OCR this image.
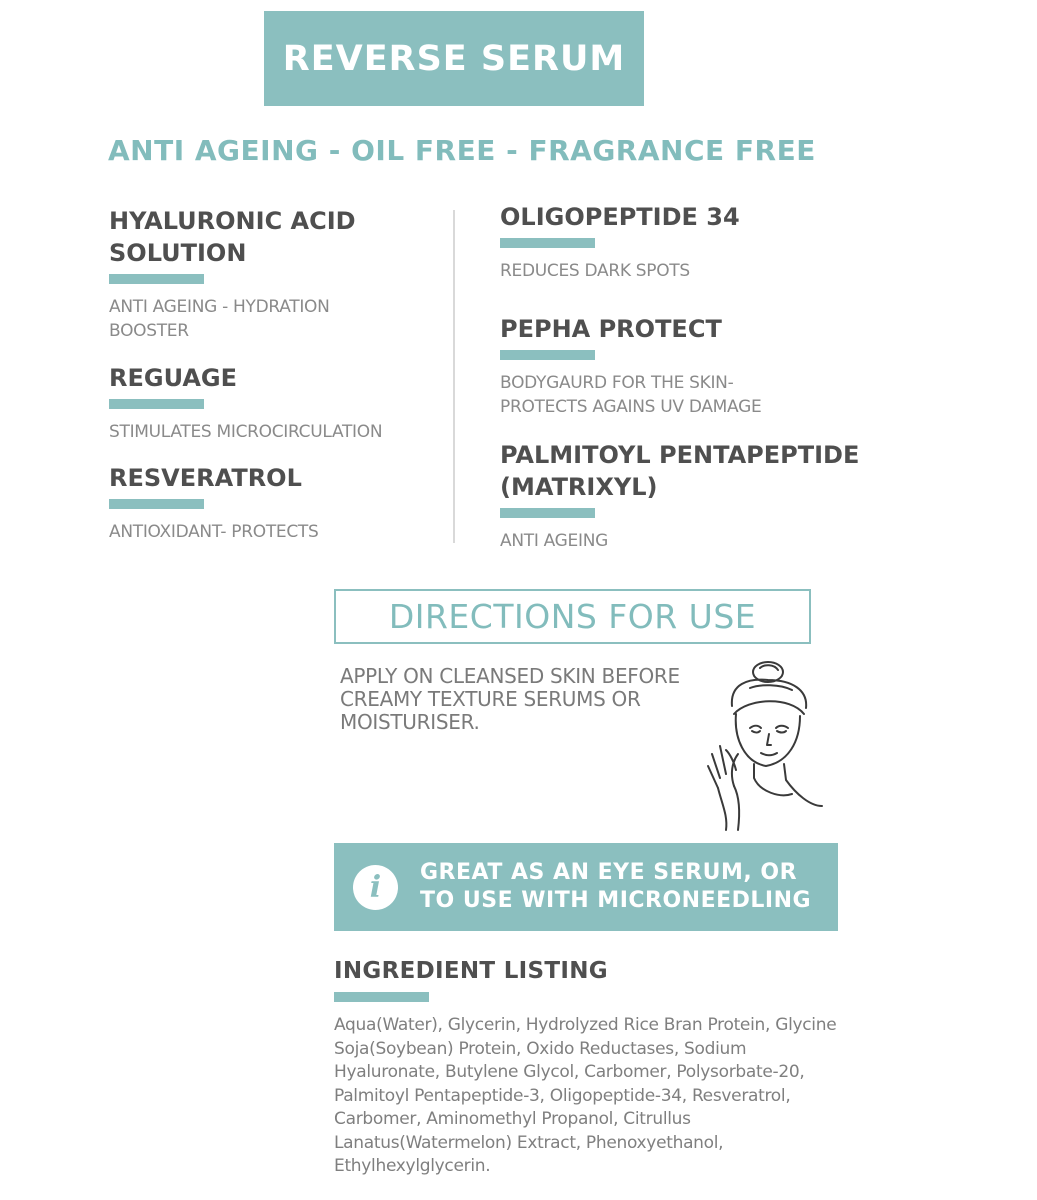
REVERSE SERUM
ANTI AGEING - OIL FREE - FRAGRANCE FREE
HYALURONIC ACID SOLUTION
ANTI AGEING - HYDRATION BOOSTER
REGUAGE
STIMULATES MICROCIRCULATION
RESVERATROL
ANTIOXIDANT- PROTECTS
OLIGOPEPTIDE 34
REDUCES DARK SPOTS
PEPHA PROTECT
BODYGAURD FOR THE SKIN- PROTECTS AGAINS UV DAMAGE
PALMITOYL PENTAPEPTIDE (MATRIXYL)
ANTI AGEING
DIRECTIONS FOR USE
APPLY ON CLEANSED SKIN BEFORE CREAMY TEXTURE SERUMS OR MOISTURISER.
i	GREAT AS AN EYE SERUM, OR TO USE WITH MICRONEEDLING
INGREDIENT LISTING
Aqua(Water), Glycerin, Hydrolyzed Rice Bran Protein, Glycine Soja(Soybean) Protein, Oxido Reductases, Sodium Hyaluronate, Butylene Glycol, Carbomer, Polysorbate-20, Palmitoyl Pentapeptide-3, Oligopeptide-34, Resveratrol, Carbomer, Aminomethyl Propanol, Citrullus Lanatus(Watermelon) Extract, Phenoxyethanol, Ethylhexylglycerin.
